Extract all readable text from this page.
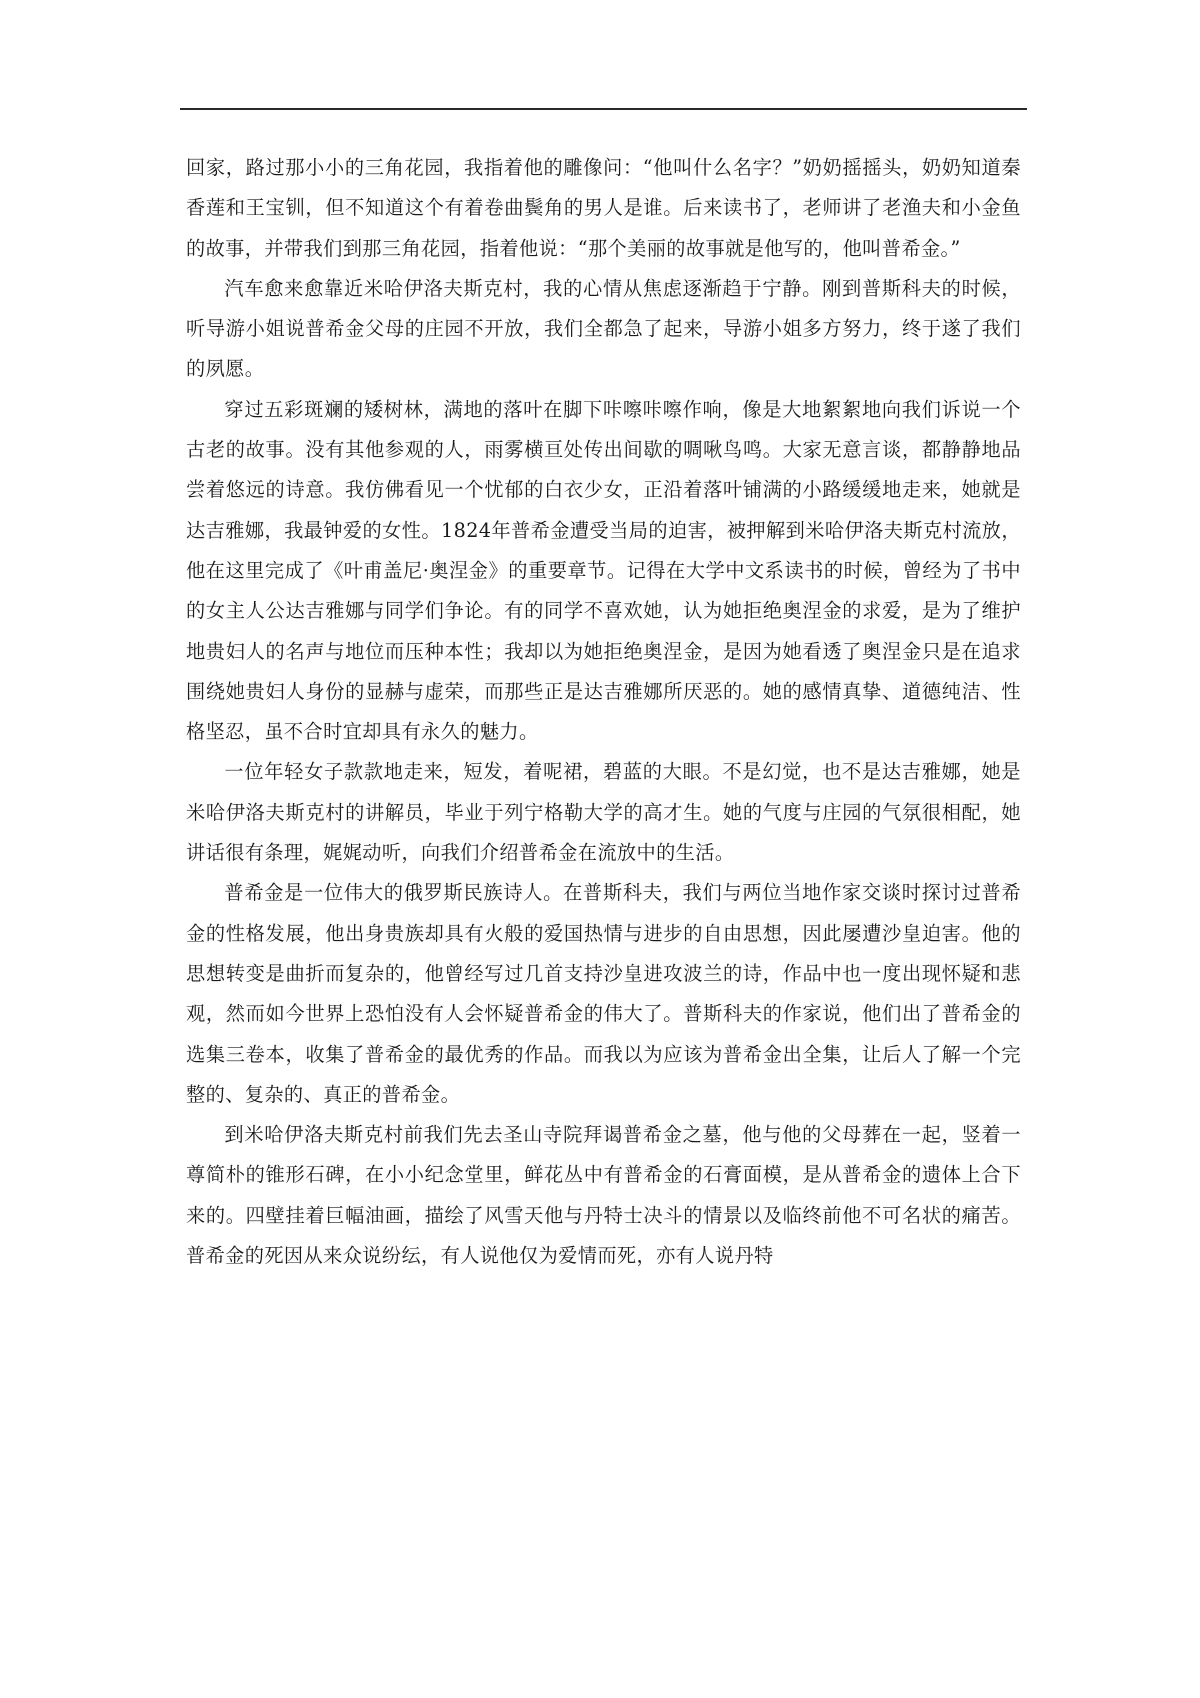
回家，路过那小小的三角花园，我指着他的雕像问：“他叫什么名字？”奶奶摇摇头，奶奶知道秦香莲和王宝钏，但不知道这个有着卷曲鬓角的男人是谁。后来读书了，老师讲了老渔夫和小金鱼的故事，并带我们到那三角花园，指着他说：“那个美丽的故事就是他写的，他叫普希金。”

汽车愈来愈靠近米哈伊洛夫斯克村，我的心情从焦虑逐渐趋于宁静。刚到普斯科夫的时候，听导游小姐说普希金父母的庄园不开放，我们全都急了起来，导游小姐多方努力，终于遂了我们的夙愿。

穿过五彩斑斓的矮树林，满地的落叶在脚下咔嚓咔嚓作响，像是大地絮絮地向我们诉说一个古老的故事。没有其他参观的人，雨雾横亘处传出间歇的啁啾鸟鸣。大家无意言谈，都静静地品尝着悠远的诗意。我仿佛看见一个忧郁的白衣少女，正沿着落叶铺满的小路缓缓地走来，她就是达吉雅娜，我最钟爱的女性。1824年普希金遭受当局的迫害，被押解到米哈伊洛夫斯克村流放，他在这里完成了《叶甫盖尼·奥涅金》的重要章节。记得在大学中文系读书的时候，曾经为了书中的女主人公达吉雅娜与同学们争论。有的同学不喜欢她，认为她拒绝奥涅金的求爱，是为了维护地贵妇人的名声与地位而压种本性；我却以为她拒绝奥涅金，是因为她看透了奥涅金只是在追求围绕她贵妇人身份的显赫与虚荣，而那些正是达吉雅娜所厌恶的。她的感情真挚、道德纯洁、性格坚忍，虽不合时宜却具有永久的魅力。

一位年轻女子款款地走来，短发，着呢裙，碧蓝的大眼。不是幻觉，也不是达吉雅娜，她是米哈伊洛夫斯克村的讲解员，毕业于列宁格勒大学的高才生。她的气度与庄园的气氛很相配，她讲话很有条理，娓娓动听，向我们介绍普希金在流放中的生活。

普希金是一位伟大的俄罗斯民族诗人。在普斯科夫，我们与两位当地作家交谈时探讨过普希金的性格发展，他出身贵族却具有火般的爱国热情与进步的自由思想，因此屡遭沙皇迫害。他的思想转变是曲折而复杂的，他曾经写过几首支持沙皇进攻波兰的诗，作品中也一度出现怀疑和悲观，然而如今世界上恐怕没有人会怀疑普希金的伟大了。普斯科夫的作家说，他们出了普希金的选集三卷本，收集了普希金的最优秀的作品。而我以为应该为普希金出全集，让后人了解一个完整的、复杂的、真正的普希金。

到米哈伊洛夫斯克村前我们先去圣山寺院拜谒普希金之墓，他与他的父母葬在一起，竖着一尊简朴的锥形石碑，在小小纪念堂里，鲜花丛中有普希金的石膏面模，是从普希金的遗体上合下来的。四壁挂着巨幅油画，描绘了风雪天他与丹特士决斗的情景以及临终前他不可名状的痛苦。普希金的死因从来众说纷纭，有人说他仅为爱情而死，亦有人说丹特
